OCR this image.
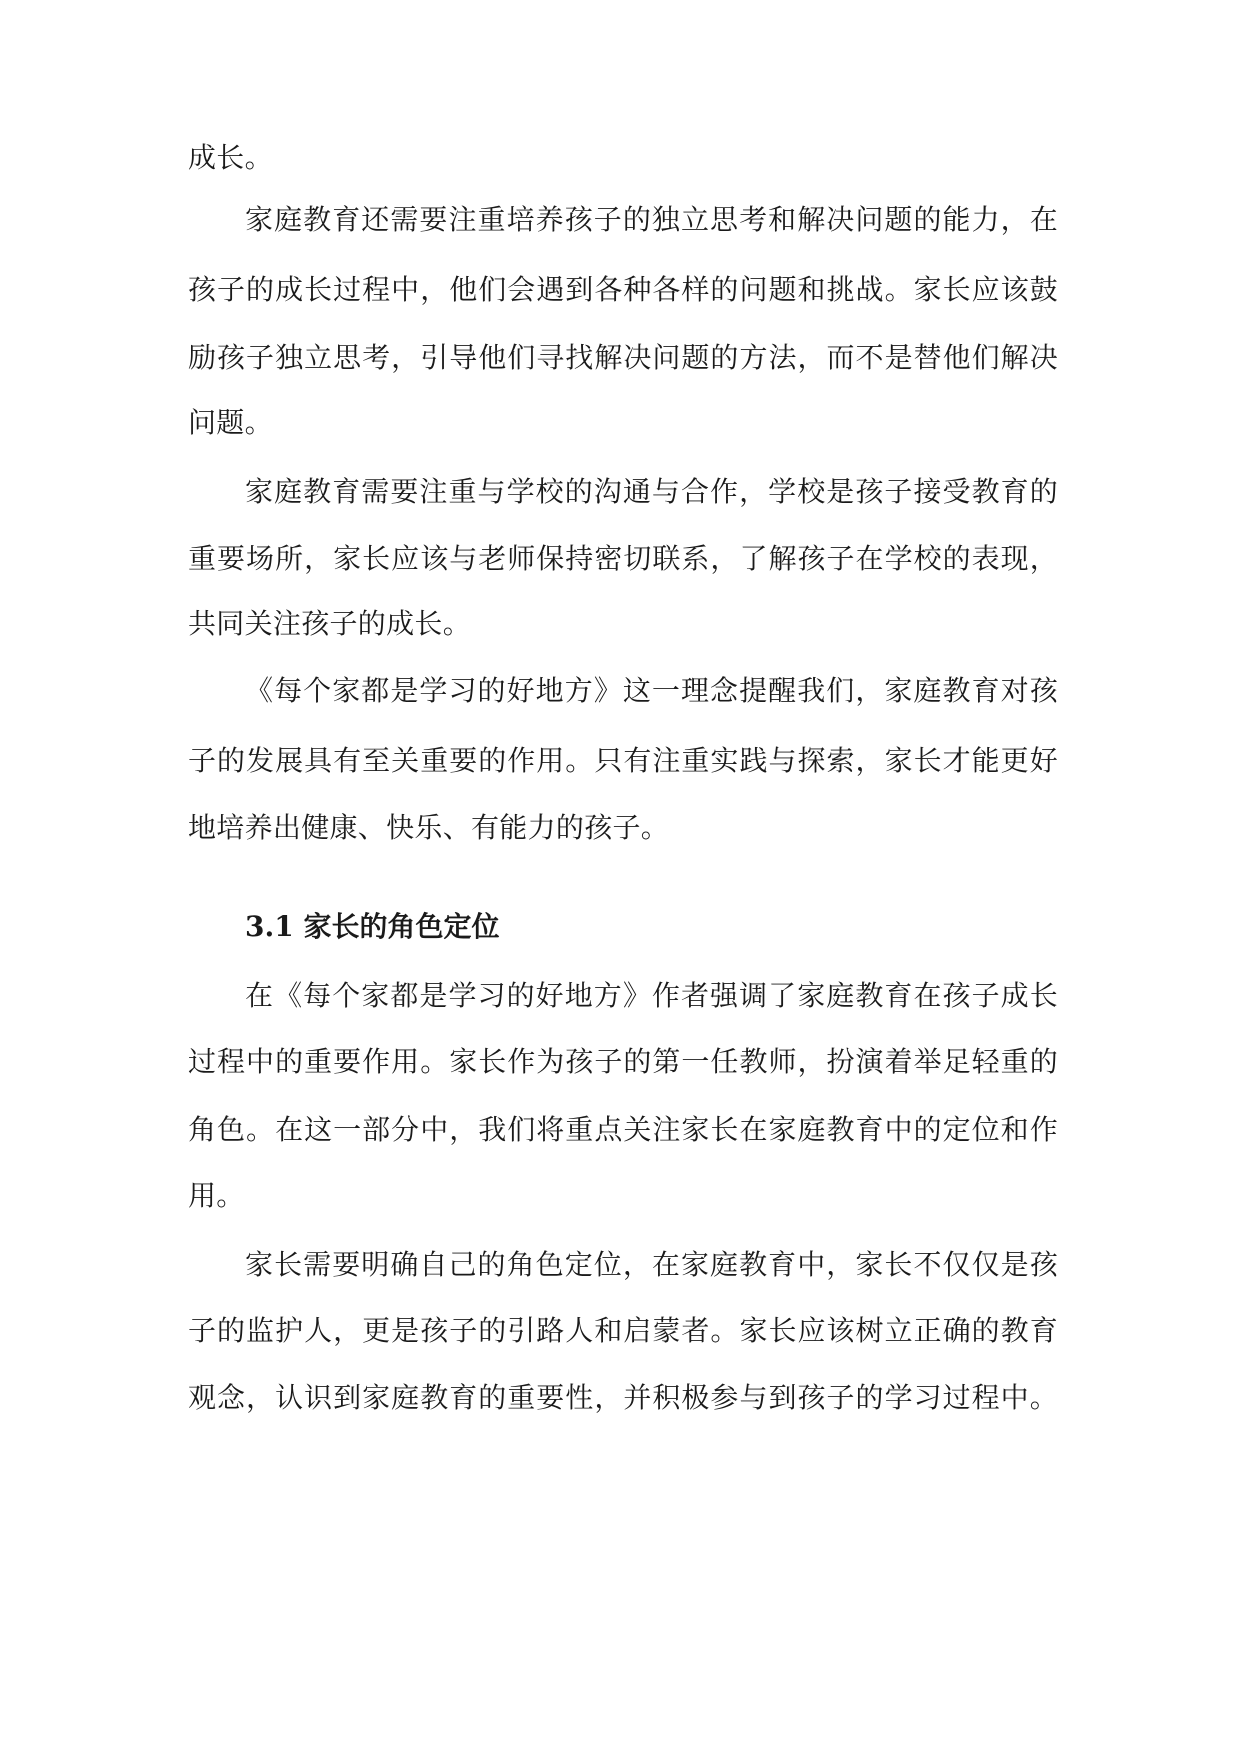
成长。
家庭教育还需要注重培养孩子的独立思考和解决问题的能力，在
孩子的成长过程中，他们会遇到各种各样的问题和挑战。家长应该鼓
励孩子独立思考，引导他们寻找解决问题的方法，而不是替他们解决
问题。
家庭教育需要注重与学校的沟通与合作，学校是孩子接受教育的
重要场所，家长应该与老师保持密切联系，了解孩子在学校的表现，
共同关注孩子的成长。
《每个家都是学习的好地方》这一理念提醒我们，家庭教育对孩
子的发展具有至关重要的作用。只有注重实践与探索，家长才能更好
地培养出健康、快乐、有能力的孩子。
3.1 家长的角色定位
在《每个家都是学习的好地方》作者强调了家庭教育在孩子成长
过程中的重要作用。家长作为孩子的第一任教师，扮演着举足轻重的
角色。在这一部分中，我们将重点关注家长在家庭教育中的定位和作
用。
家长需要明确自己的角色定位，在家庭教育中，家长不仅仅是孩
子的监护人，更是孩子的引路人和启蒙者。家长应该树立正确的教育
观念，认识到家庭教育的重要性，并积极参与到孩子的学习过程中。
